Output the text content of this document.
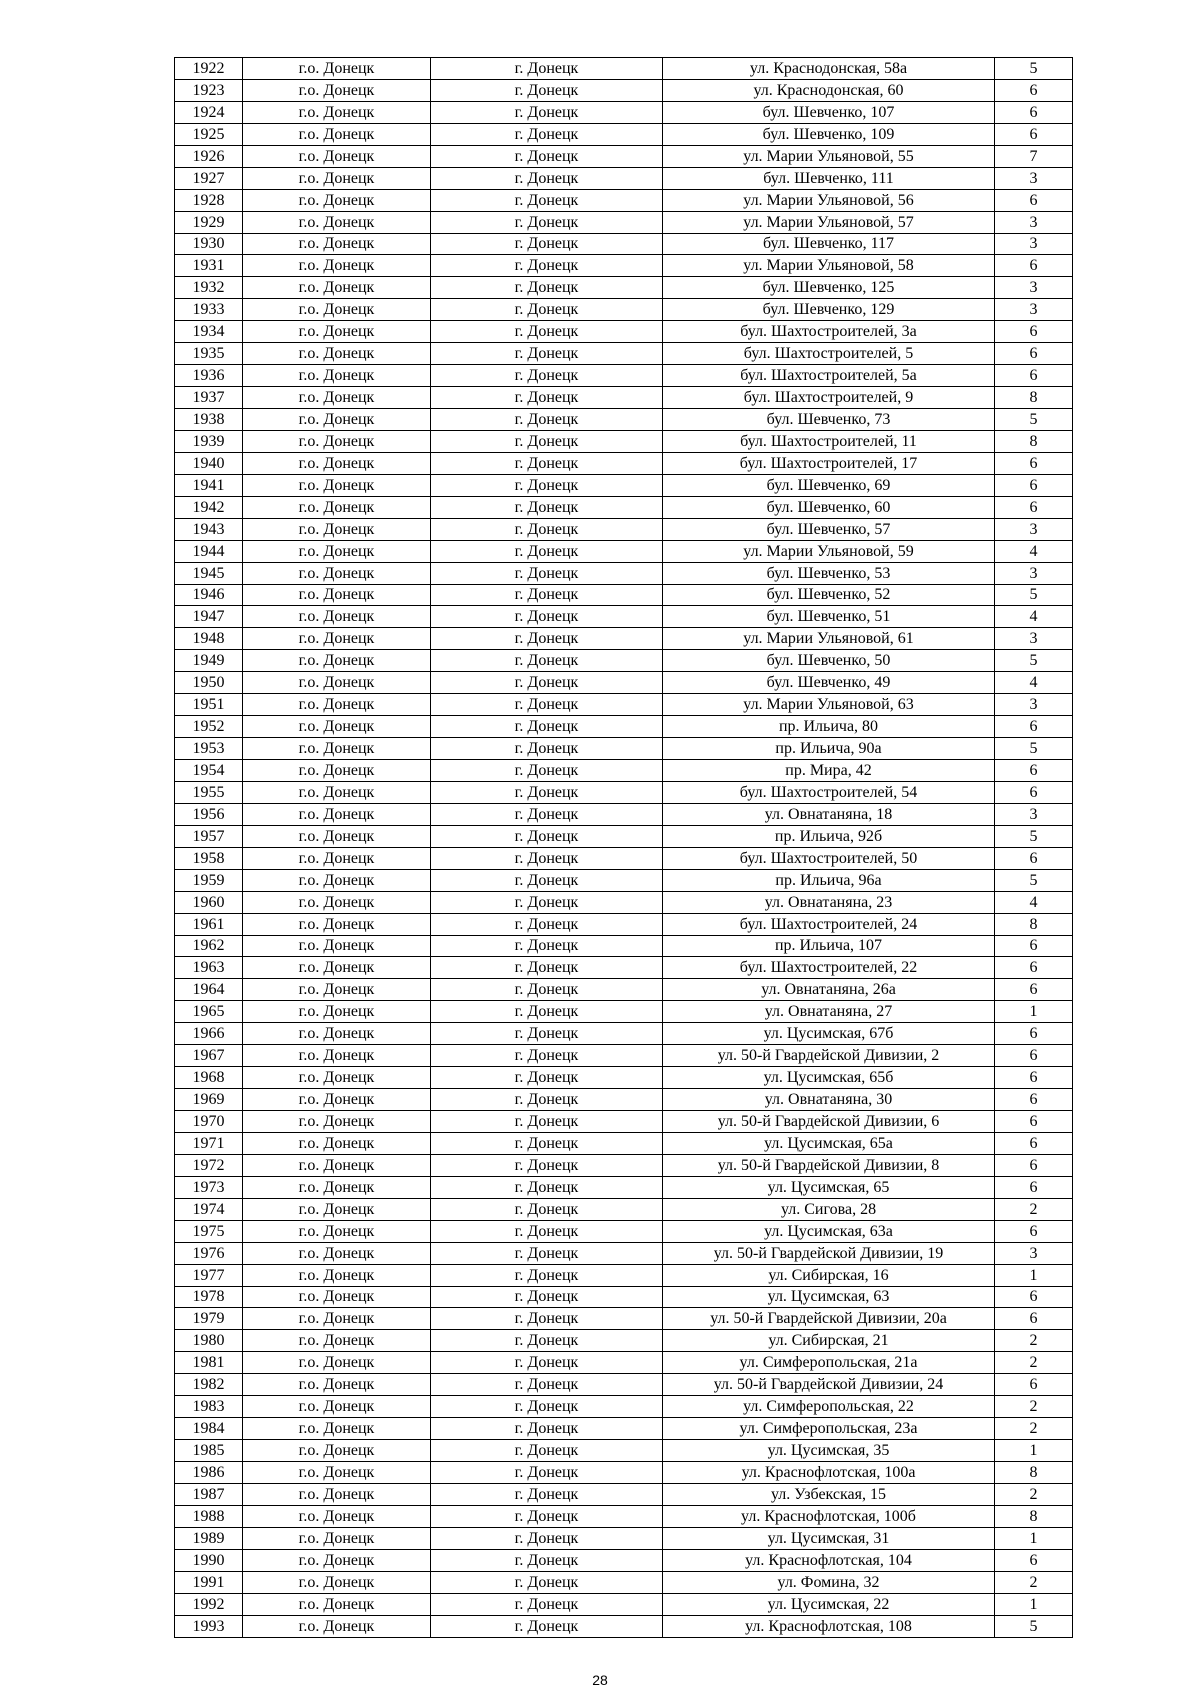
1922	г.о. Донецк	г. Донецк	ул. Краснодонская, 58а	5
1923	г.о. Донецк	г. Донецк	ул. Краснодонская, 60	6
1924	г.о. Донецк	г. Донецк	бул. Шевченко, 107	6
1925	г.о. Донецк	г. Донецк	бул. Шевченко, 109	6
1926	г.о. Донецк	г. Донецк	ул. Марии Ульяновой, 55	7
1927	г.о. Донецк	г. Донецк	бул. Шевченко, 111	3
1928	г.о. Донецк	г. Донецк	ул. Марии Ульяновой, 56	6
1929	г.о. Донецк	г. Донецк	ул. Марии Ульяновой, 57	3
1930	г.о. Донецк	г. Донецк	бул. Шевченко, 117	3
1931	г.о. Донецк	г. Донецк	ул. Марии Ульяновой, 58	6
1932	г.о. Донецк	г. Донецк	бул. Шевченко, 125	3
1933	г.о. Донецк	г. Донецк	бул. Шевченко, 129	3
1934	г.о. Донецк	г. Донецк	бул. Шахтостроителей, 3а	6
1935	г.о. Донецк	г. Донецк	бул. Шахтостроителей, 5	6
1936	г.о. Донецк	г. Донецк	бул. Шахтостроителей, 5а	6
1937	г.о. Донецк	г. Донецк	бул. Шахтостроителей, 9	8
1938	г.о. Донецк	г. Донецк	бул. Шевченко, 73	5
1939	г.о. Донецк	г. Донецк	бул. Шахтостроителей, 11	8
1940	г.о. Донецк	г. Донецк	бул. Шахтостроителей, 17	6
1941	г.о. Донецк	г. Донецк	бул. Шевченко, 69	6
1942	г.о. Донецк	г. Донецк	бул. Шевченко, 60	6
1943	г.о. Донецк	г. Донецк	бул. Шевченко, 57	3
1944	г.о. Донецк	г. Донецк	ул. Марии Ульяновой, 59	4
1945	г.о. Донецк	г. Донецк	бул. Шевченко, 53	3
1946	г.о. Донецк	г. Донецк	бул. Шевченко, 52	5
1947	г.о. Донецк	г. Донецк	бул. Шевченко, 51	4
1948	г.о. Донецк	г. Донецк	ул. Марии Ульяновой, 61	3
1949	г.о. Донецк	г. Донецк	бул. Шевченко, 50	5
1950	г.о. Донецк	г. Донецк	бул. Шевченко, 49	4
1951	г.о. Донецк	г. Донецк	ул. Марии Ульяновой, 63	3
1952	г.о. Донецк	г. Донецк	пр. Ильича, 80	6
1953	г.о. Донецк	г. Донецк	пр. Ильича, 90а	5
1954	г.о. Донецк	г. Донецк	пр. Мира, 42	6
1955	г.о. Донецк	г. Донецк	бул. Шахтостроителей, 54	6
1956	г.о. Донецк	г. Донецк	ул. Овнатаняна, 18	3
1957	г.о. Донецк	г. Донецк	пр. Ильича, 92б	5
1958	г.о. Донецк	г. Донецк	бул. Шахтостроителей, 50	6
1959	г.о. Донецк	г. Донецк	пр. Ильича, 96а	5
1960	г.о. Донецк	г. Донецк	ул. Овнатаняна, 23	4
1961	г.о. Донецк	г. Донецк	бул. Шахтостроителей, 24	8
1962	г.о. Донецк	г. Донецк	пр. Ильича, 107	6
1963	г.о. Донецк	г. Донецк	бул. Шахтостроителей, 22	6
1964	г.о. Донецк	г. Донецк	ул. Овнатаняна, 26а	6
1965	г.о. Донецк	г. Донецк	ул. Овнатаняна, 27	1
1966	г.о. Донецк	г. Донецк	ул. Цусимская, 67б	6
1967	г.о. Донецк	г. Донецк	ул. 50-й Гвардейской Дивизии, 2	6
1968	г.о. Донецк	г. Донецк	ул. Цусимская, 65б	6
1969	г.о. Донецк	г. Донецк	ул. Овнатаняна, 30	6
1970	г.о. Донецк	г. Донецк	ул. 50-й Гвардейской Дивизии, 6	6
1971	г.о. Донецк	г. Донецк	ул. Цусимская, 65а	6
1972	г.о. Донецк	г. Донецк	ул. 50-й Гвардейской Дивизии, 8	6
1973	г.о. Донецк	г. Донецк	ул. Цусимская, 65	6
1974	г.о. Донецк	г. Донецк	ул. Сигова, 28	2
1975	г.о. Донецк	г. Донецк	ул. Цусимская, 63а	6
1976	г.о. Донецк	г. Донецк	ул. 50-й Гвардейской Дивизии, 19	3
1977	г.о. Донецк	г. Донецк	ул. Сибирская, 16	1
1978	г.о. Донецк	г. Донецк	ул. Цусимская, 63	6
1979	г.о. Донецк	г. Донецк	ул. 50-й Гвардейской Дивизии, 20а	6
1980	г.о. Донецк	г. Донецк	ул. Сибирская, 21	2
1981	г.о. Донецк	г. Донецк	ул. Симферопольская, 21а	2
1982	г.о. Донецк	г. Донецк	ул. 50-й Гвардейской Дивизии, 24	6
1983	г.о. Донецк	г. Донецк	ул. Симферопольская, 22	2
1984	г.о. Донецк	г. Донецк	ул. Симферопольская, 23а	2
1985	г.о. Донецк	г. Донецк	ул. Цусимская, 35	1
1986	г.о. Донецк	г. Донецк	ул. Краснофлотская, 100а	8
1987	г.о. Донецк	г. Донецк	ул. Узбекская, 15	2
1988	г.о. Донецк	г. Донецк	ул. Краснофлотская, 100б	8
1989	г.о. Донецк	г. Донецк	ул. Цусимская, 31	1
1990	г.о. Донецк	г. Донецк	ул. Краснофлотская, 104	6
1991	г.о. Донецк	г. Донецк	ул. Фомина, 32	2
1992	г.о. Донецк	г. Донецк	ул. Цусимская, 22	1
1993	г.о. Донецк	г. Донецк	ул. Краснофлотская, 108	5
28
